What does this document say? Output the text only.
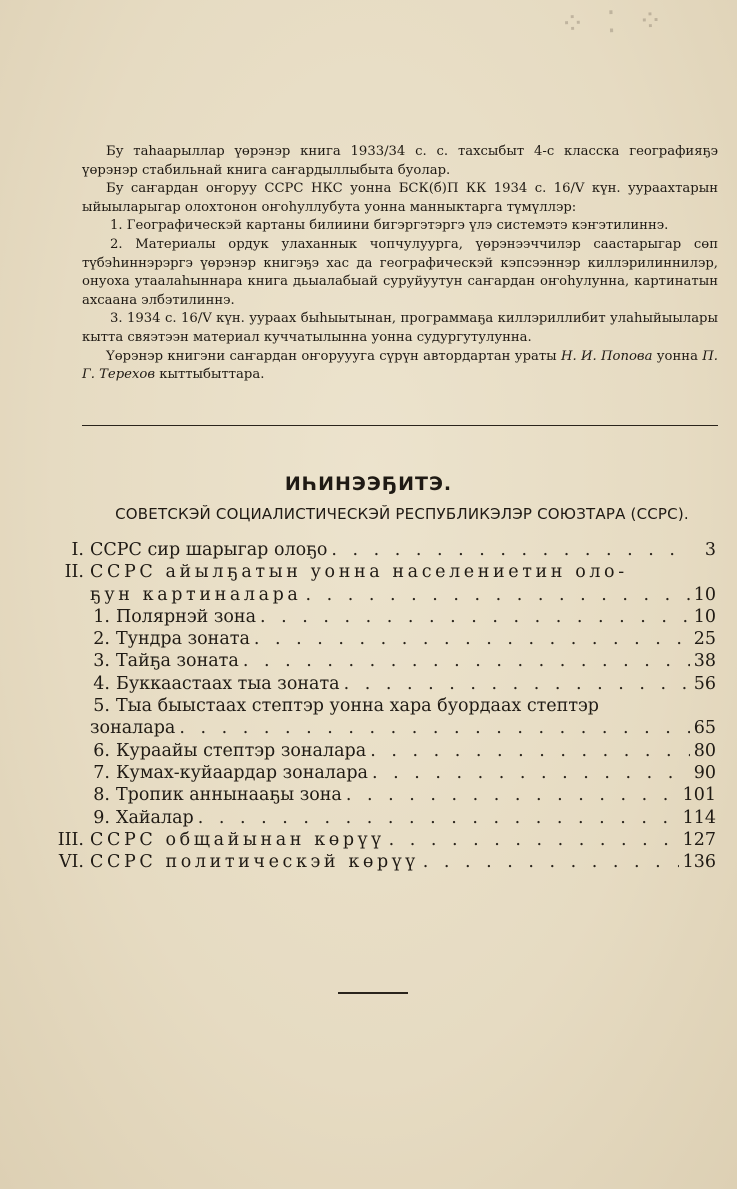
⁘ ⁚ ⁘

Бу таһаарыллар үөрэнэр книга 1933/34 с. с. тахсыбыт 4-с класска географияҕэ үөрэнэр стабильнай книга саҥардыллыбыта буолар.

Бу саҥардан оҥоруу ССРС НКС уонна БСК(б)П КК 1934 с. 16/V күн. уураахтарын ыйыыларыгар олохтонон оҥоһуллубута уонна манныктарга түмүллэр:

1. Географическэй картаны билиини бигэргэтэргэ үлэ системэтэ кэҥэтилиннэ.

2. Материалы ордук улаханнык чопчулуурга, үөрэнээччилэр саастарыгар сөп түбэһиннэрэргэ үөрэнэр книгэҕэ хас да географическэй кэпсээннэр киллэрилиннилэр, онуоха утаалаһыннара книга дьыалабыай суруйуутун саҥардан оҥоһулунна, картинатын ахсаана элбэтилиннэ.

3. 1934 с. 16/V күн. уураах быһыытынан, программаҕа киллэриллибит улаһыйыылары кытта свяэтээн материал куччатылынна уонна судургутулунна.

Үөрэнэр книгэни саҥардан оҥоруууга сүрүн автордартан ураты Н. И. Попова уонна П. Г. Терехов кыттыбыттара.

ИҺИНЭЭҔИТЭ.
СОВЕТСКЭЙ СОЦИАЛИСТИЧЕСКЭЙ РЕСПУБЛИКЭЛЭР СОЮЗТАРА (ССРС).
I. ССРС сир шарыгар олоҕо . . .	3
II. ССРС айылҕатын уонна населениетин оло-
ҕун картиналара . . .	10
1. Полярнэй зона . . .	10
2. Тундра зоната . . .	25
3. Тайҕа зоната . . .	38
4. Буккаастаах тыа зоната . . .	56
5. Тыа быыстаах стептэр уонна хара буордаах стептэр
зоналара . . .	65
6. Кураайы стептэр зоналара . . .	80
7. Кумах-куйаардар зоналара . . .	90
8. Тропик аннынааҕы зона . . .	101
9. Хайалар . . .	114
III. ССРС общайынан көрүү . . .	127
VI. ССРС политическэй көрүү . . .	136
